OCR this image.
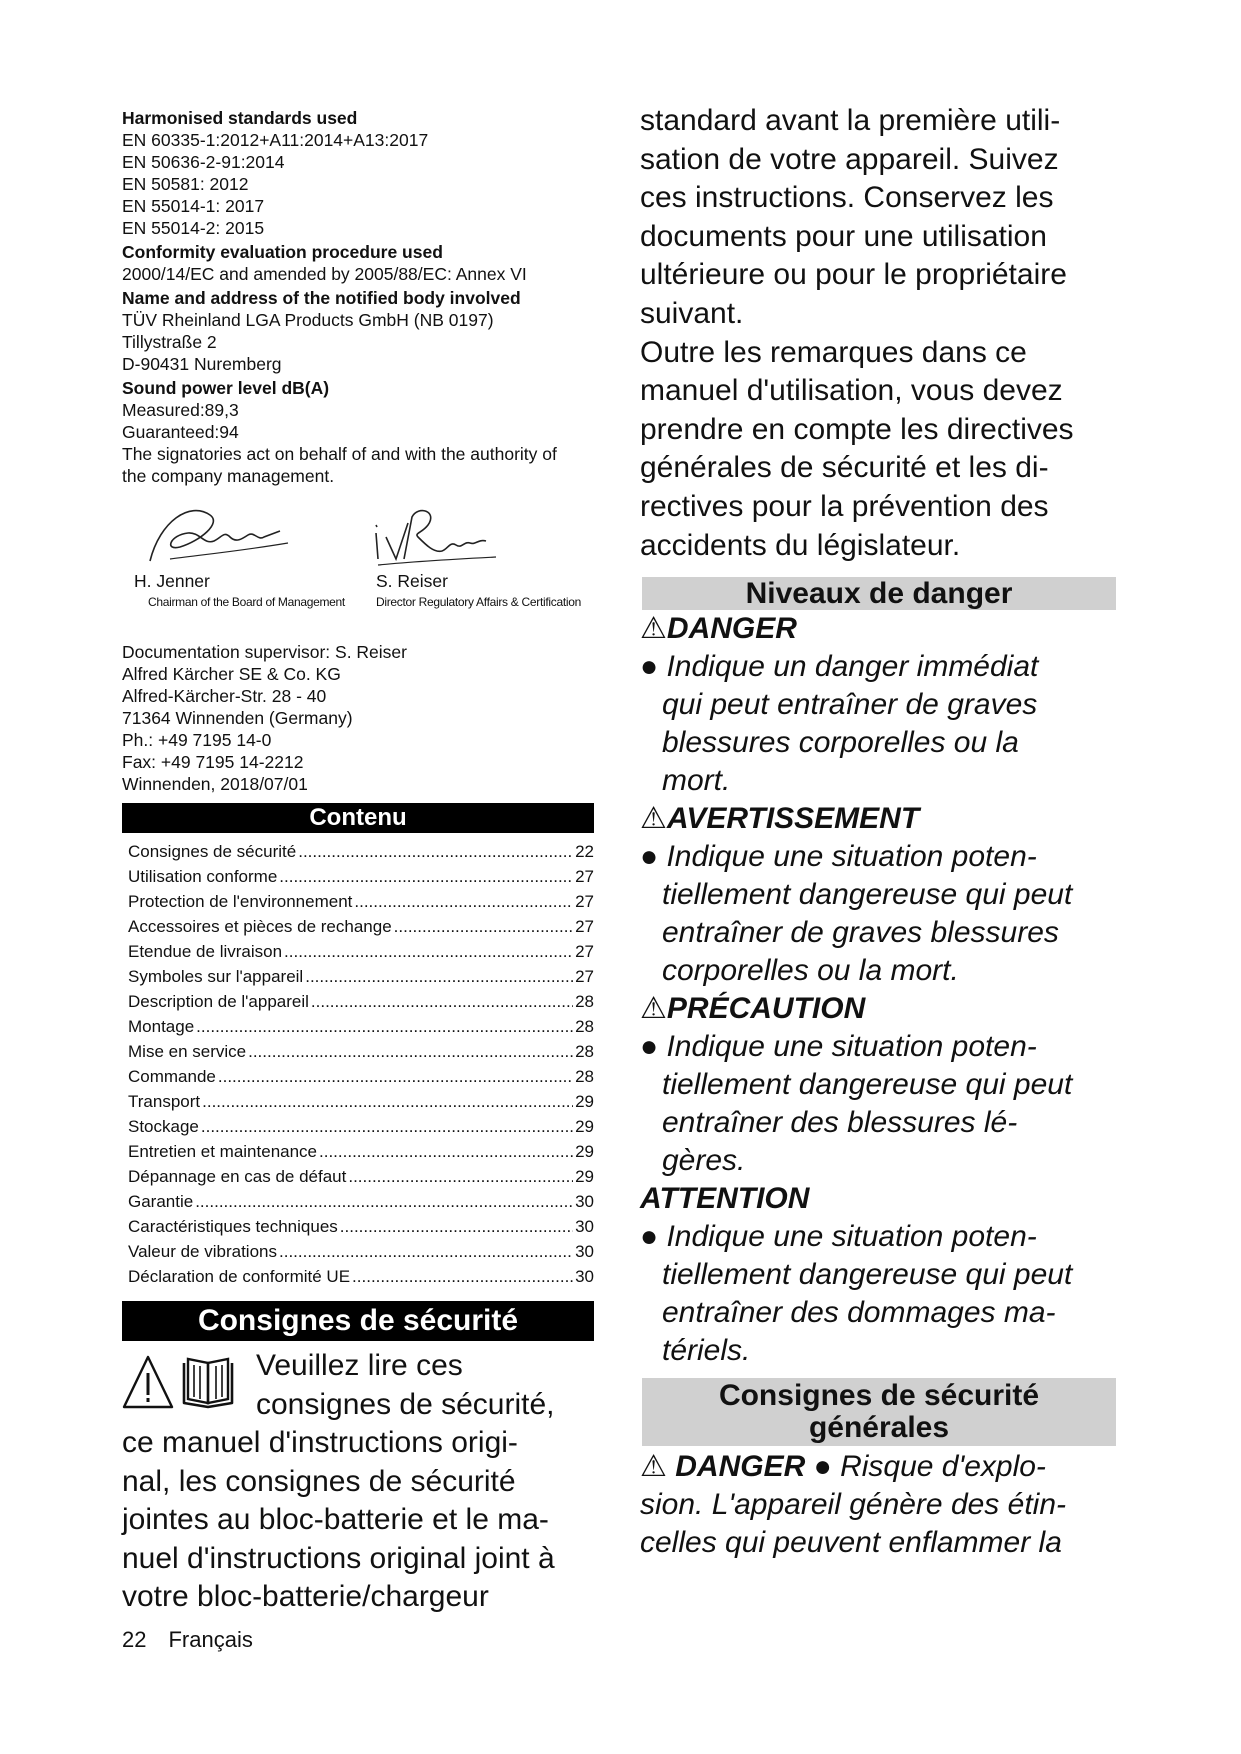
Harmonised standards used
EN 60335-1:2012+A11:2014+A13:2017
EN 50636-2-91:2014
EN 50581: 2012
EN 55014-1: 2017
EN 55014-2: 2015
Conformity evaluation procedure used
2000/14/EC and amended by 2005/88/EC: Annex VI
Name and address of the notified body involved
TÜV Rheinland LGA Products GmbH (NB 0197)
Tillystraße 2
D-90431 Nuremberg
Sound power level dB(A)
Measured:89,3
Guaranteed:94
The signatories act on behalf of and with the authority of
the company management.
H. Jenner
Chairman of the Board of Management
S. Reiser
Director Regulatory Affairs & Certification
Documentation supervisor: S. Reiser
Alfred Kärcher SE & Co. KG
Alfred-Kärcher-Str. 28 - 40
71364 Winnenden (Germany)
Ph.: +49 7195 14-0
Fax: +49 7195 14-2212
Winnenden, 2018/07/01
Contenu
Consignes de sécurité .....	22
Utilisation conforme .....	27
Protection de l'environnement .....	27
Accessoires et pièces de rechange .....	27
Etendue de livraison .....	27
Symboles sur l'appareil .....	27
Description de l'appareil .....	28
Montage .....	28
Mise en service .....	28
Commande .....	28
Transport .....	29
Stockage .....	29
Entretien et maintenance .....	29
Dépannage en cas de défaut .....	29
Garantie .....	30
Caractéristiques techniques .....	30
Valeur de vibrations .....	30
Déclaration de conformité UE .....	30
Consignes de sécurité
Veuillez lire ces
consignes de sécurité,
ce manuel d'instructions origi-
nal, les consignes de sécurité
jointes au bloc-batterie et le ma-
nuel d'instructions original joint à
votre bloc-batterie/chargeur
standard avant la première utili-
sation de votre appareil. Suivez
ces instructions. Conservez les
documents pour une utilisation
ultérieure ou pour le propriétaire
suivant.
Outre les remarques dans ce
manuel d'utilisation, vous devez
prendre en compte les directives
générales de sécurité et les di-
rectives pour la prévention des
accidents du législateur.
Niveaux de danger
⚠DANGER
● Indique un danger immédiat
qui peut entraîner de graves
blessures corporelles ou la
mort.
⚠AVERTISSEMENT
● Indique une situation poten-
tiellement dangereuse qui peut
entraîner de graves blessures
corporelles ou la mort.
⚠PRÉCAUTION
● Indique une situation poten-
tiellement dangereuse qui peut
entraîner des blessures lé-
gères.
ATTENTION
● Indique une situation poten-
tiellement dangereuse qui peut
entraîner des dommages ma-
tériels.
Consignes de sécurité
générales
⚠ DANGER ● Risque d'explo-
sion. L'appareil génère des étin-
celles qui peuvent enflammer la
22 Français
